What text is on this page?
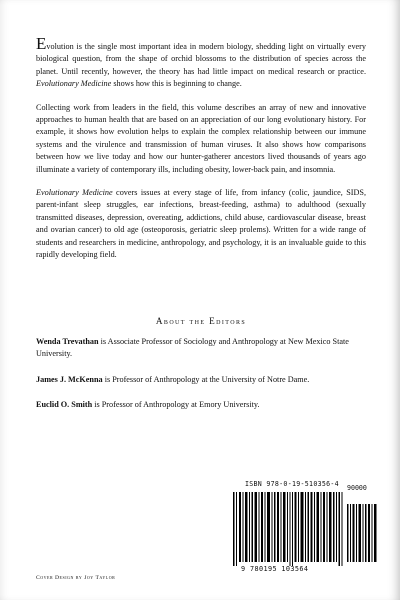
Evolution is the single most important idea in modern biology, shedding light on virtually every biological question, from the shape of orchid blossoms to the distribution of species across the planet. Until recently, however, the theory has had little impact on medical research or practice. Evolutionary Medicine shows how this is beginning to change.

Collecting work from leaders in the field, this volume describes an array of new and innovative approaches to human health that are based on an appreciation of our long evolutionary history. For example, it shows how evolution helps to explain the complex relationship between our immune systems and the virulence and transmission of human viruses. It also shows how comparisons between how we live today and how our hunter-gatherer ancestors lived thousands of years ago illuminate a variety of contemporary ills, including obesity, lower-back pain, and insomnia.

Evolutionary Medicine covers issues at every stage of life, from infancy (colic, jaundice, SIDS, parent-infant sleep struggles, ear infections, breast-feeding, asthma) to adulthood (sexually transmitted diseases, depression, overeating, addictions, child abuse, cardiovascular disease, breast and ovarian cancer) to old age (osteoporosis, geriatric sleep prolems). Written for a wide range of students and researchers in medicine, anthropology, and psychology, it is an invaluable guide to this rapidly developing field.

About the Editors

Wenda Trevathan is Associate Professor of Sociology and Anthropology at New Mexico State University.

James J. McKenna is Professor of Anthropology at the University of Notre Dame.

Euclid O. Smith is Professor of Anthropology at Emory University.

ISBN 978-0-19-510356-4 90000
9 780195 103564
Cover Design by Joy Taylor
